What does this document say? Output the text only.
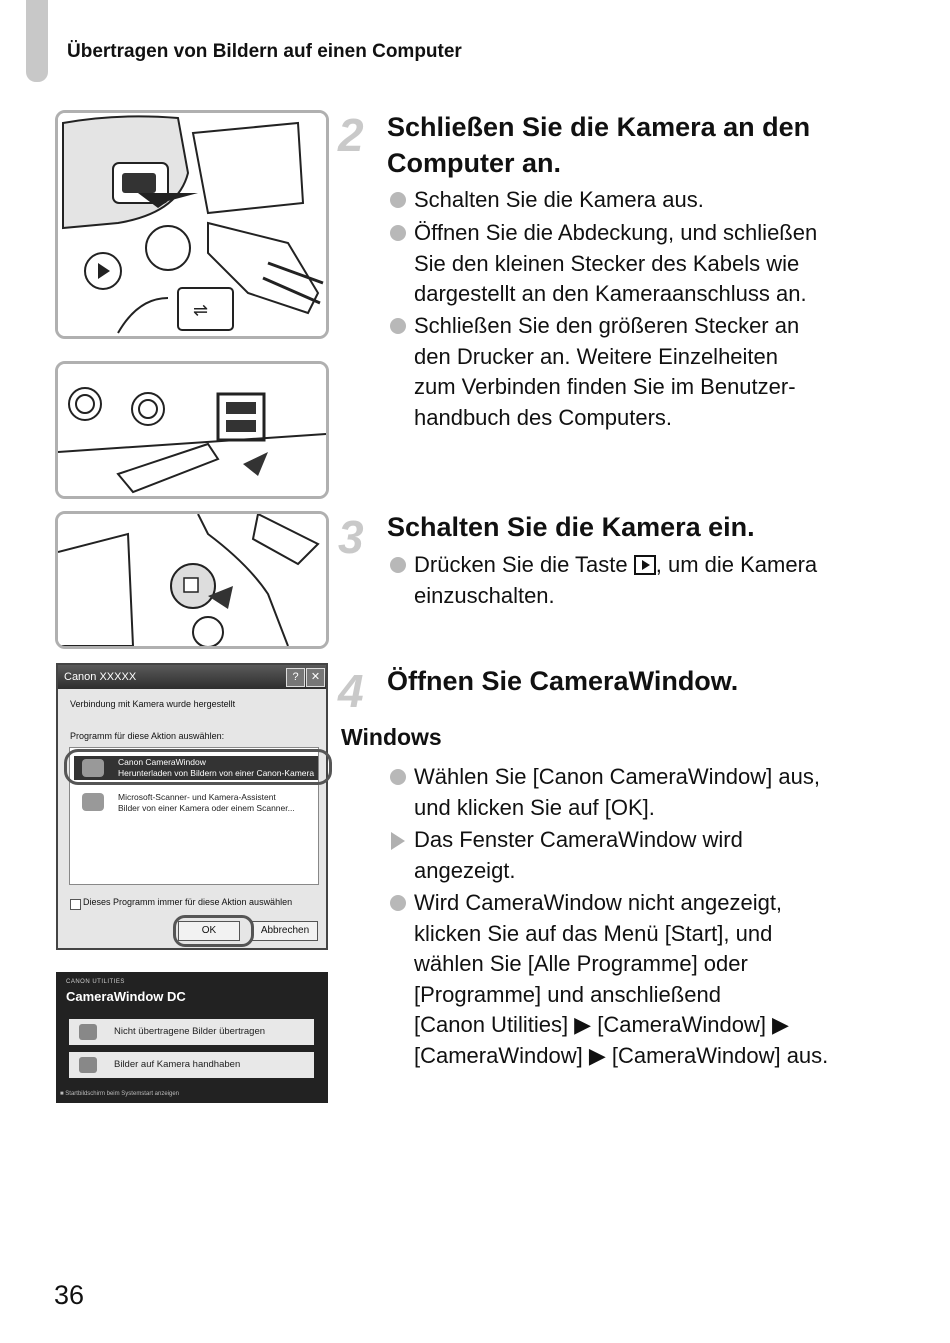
Übertragen von Bildern auf einen Computer
⇌
Canon XXXXX	?	✕
Verbindung mit Kamera wurde hergestellt
Programm für diese Aktion auswählen:
Canon CameraWindow
Herunterladen von Bildern von einer Canon-Kamera
Microsoft-Scanner- und Kamera-Assistent
Bilder von einer Kamera oder einem Scanner...
Dieses Programm immer für diese Aktion auswählen
OK	Abbrechen
CANON UTILITIES
CameraWindow DC
Nicht übertragene Bilder übertragen
Bilder auf Kamera handhaben
■ Startbildschirm beim Systemstart anzeigen
2 Schließen Sie die Kamera an den
Computer an.
Schalten Sie die Kamera aus.
Öffnen Sie die Abdeckung, und schließen
Sie den kleinen Stecker des Kabels wie
dargestellt an den Kameraanschluss an.
Schließen Sie den größeren Stecker an
den Drucker an. Weitere Einzelheiten
zum Verbinden finden Sie im Benutzer-
handbuch des Computers.
3 Schalten Sie die Kamera ein.
Drücken Sie die Taste , um die Kamera
einzuschalten.
4 Öffnen Sie CameraWindow.
Windows
Wählen Sie [Canon CameraWindow] aus,
und klicken Sie auf [OK].
Das Fenster CameraWindow wird
angezeigt.
Wird CameraWindow nicht angezeigt,
klicken Sie auf das Menü [Start], und
wählen Sie [Alle Programme] oder
[Programme] und anschließend
[Canon Utilities] ▶ [CameraWindow] ▶
[CameraWindow] ▶ [CameraWindow] aus.
36
